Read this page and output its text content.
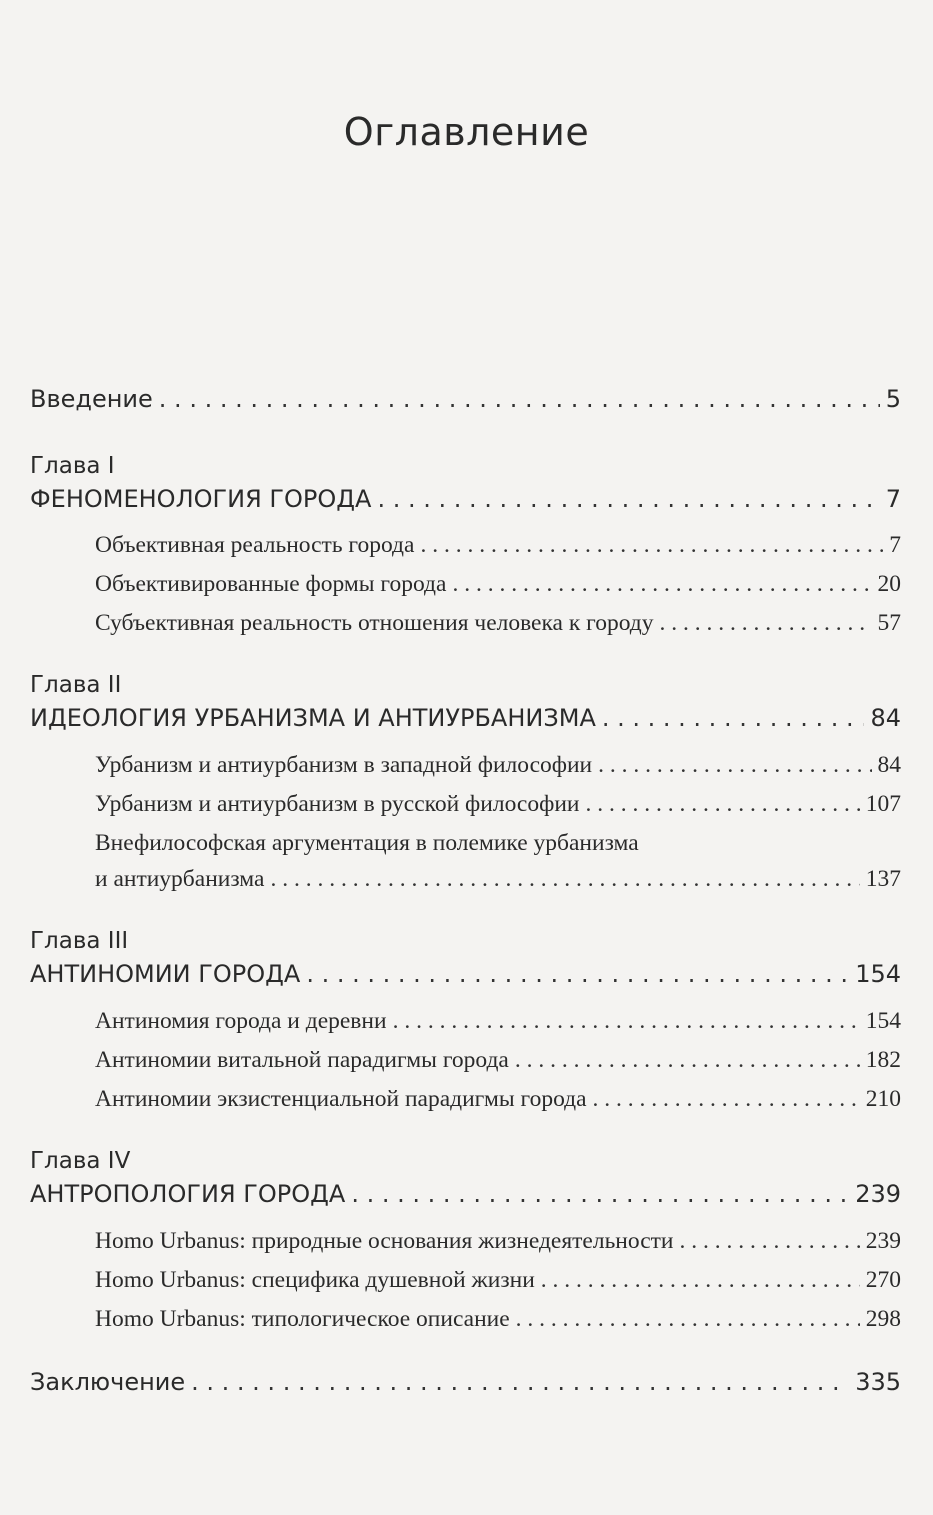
Оглавление
Введение . . .	5
Глава I
ФЕНОМЕНОЛОГИЯ ГОРОДА . . .	7
Объективная реальность города . . .	7
Объективированные формы города . . .	20
Субъективная реальность отношения человека к городу . . .	57
Глава II
ИДЕОЛОГИЯ УРБАНИЗМА И АНТИУРБАНИЗМА . . .	84
Урбанизм и антиурбанизм в западной философии . . .	84
Урбанизм и антиурбанизм в русской философии . . .	107
Внефилософская аргументация в полемике урбанизма
и антиурбанизма . . .	137
Глава III
АНТИНОМИИ ГОРОДА . . .	154
Антиномия города и деревни . . .	154
Антиномии витальной парадигмы города . . .	182
Антиномии экзистенциальной парадигмы города . . .	210
Глава IV
АНТРОПОЛОГИЯ ГОРОДА . . .	239
Homo Urbanus: природные основания жизнедеятельности . . .	239
Homo Urbanus: специфика душевной жизни . . .	270
Homo Urbanus: типологическое описание . . .	298
Заключение . . .	335
